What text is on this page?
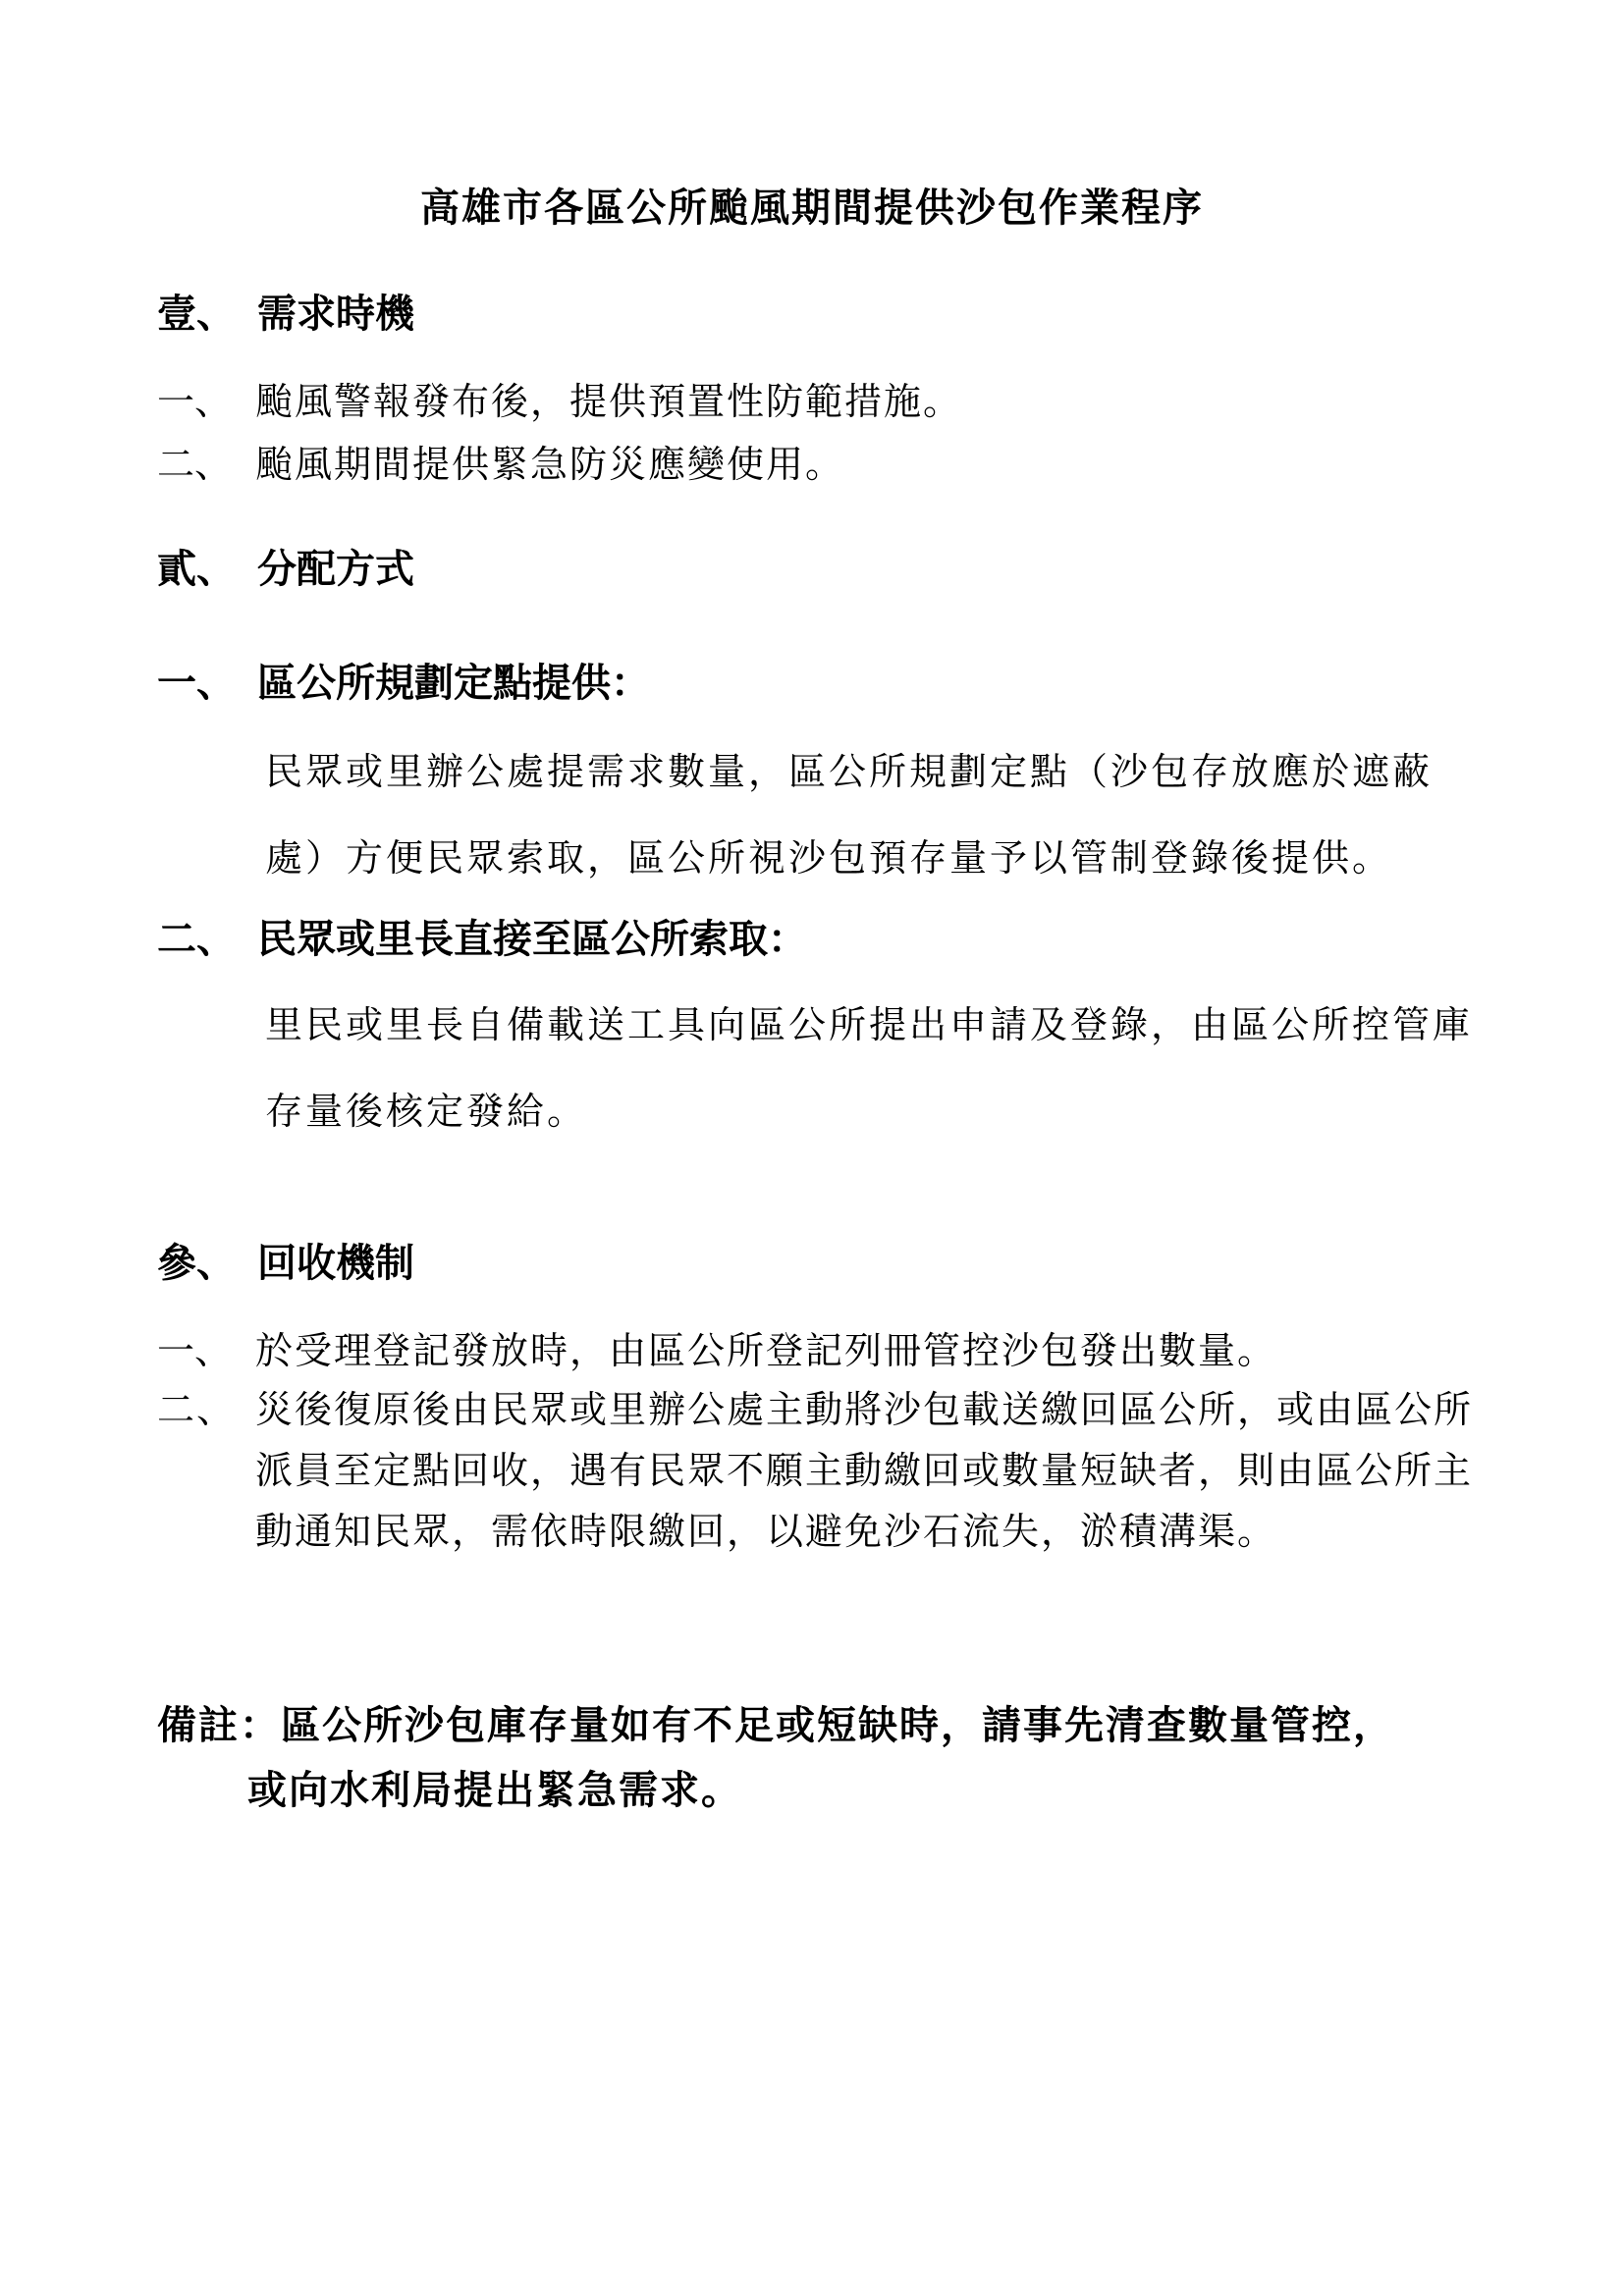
高雄市各區公所颱風期間提供沙包作業程序
壹、 需求時機
一、 颱風警報發布後，提供預置性防範措施。
二、 颱風期間提供緊急防災應變使用。
貳、 分配方式
一、 區公所規劃定點提供：
民眾或里辦公處提需求數量，區公所規劃定點（沙包存放應於遮蔽處）方便民眾索取，區公所視沙包預存量予以管制登錄後提供。
二、 民眾或里長直接至區公所索取：
里民或里長自備載送工具向區公所提出申請及登錄，由區公所控管庫存量後核定發給。
參、 回收機制
一、 於受理登記發放時，由區公所登記列冊管控沙包發出數量。
二、 災後復原後由民眾或里辦公處主動將沙包載送繳回區公所，或由區公所派員至定點回收，遇有民眾不願主動繳回或數量短缺者，則由區公所主動通知民眾，需依時限繳回，以避免沙石流失，淤積溝渠。
備註：區公所沙包庫存量如有不足或短缺時，請事先清查數量管控，
或向水利局提出緊急需求。
